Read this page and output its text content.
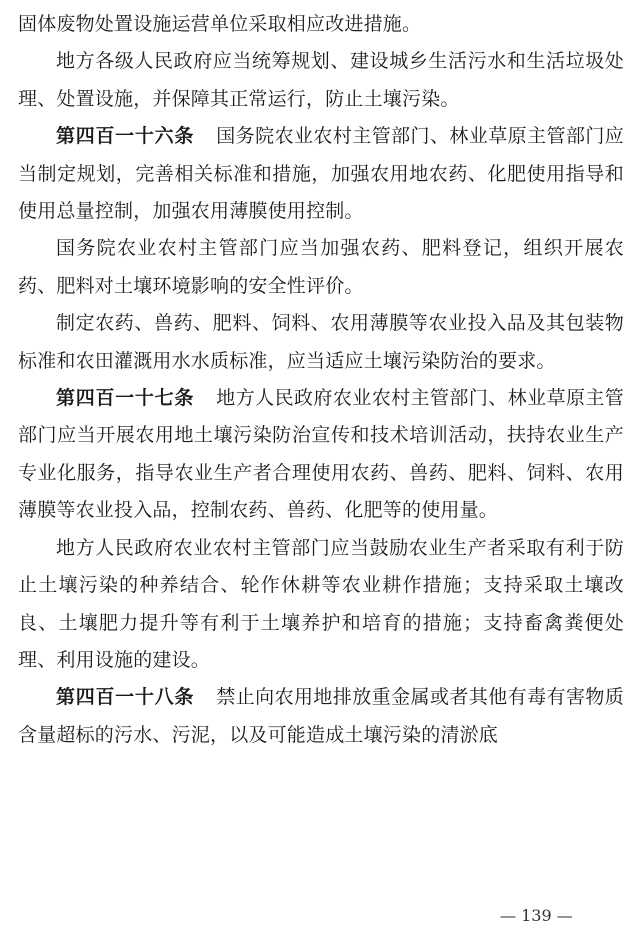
固体废物处置设施运营单位采取相应改进措施。

地方各级人民政府应当统筹规划、建设城乡生活污水和生活垃圾处理、处置设施，并保障其正常运行，防止土壤污染。

第四百一十六条 国务院农业农村主管部门、林业草原主管部门应当制定规划，完善相关标准和措施，加强农用地农药、化肥使用指导和使用总量控制，加强农用薄膜使用控制。

国务院农业农村主管部门应当加强农药、肥料登记，组织开展农药、肥料对土壤环境影响的安全性评价。

制定农药、兽药、肥料、饲料、农用薄膜等农业投入品及其包装物标准和农田灌溉用水水质标准，应当适应土壤污染防治的要求。

第四百一十七条 地方人民政府农业农村主管部门、林业草原主管部门应当开展农用地土壤污染防治宣传和技术培训活动，扶持农业生产专业化服务，指导农业生产者合理使用农药、兽药、肥料、饲料、农用薄膜等农业投入品，控制农药、兽药、化肥等的使用量。

地方人民政府农业农村主管部门应当鼓励农业生产者采取有利于防止土壤污染的种养结合、轮作休耕等农业耕作措施；支持采取土壤改良、土壤肥力提升等有利于土壤养护和培育的措施；支持畜禽粪便处理、利用设施的建设。

第四百一十八条 禁止向农用地排放重金属或者其他有毒有害物质含量超标的污水、污泥，以及可能造成土壤污染的清淤底

— 139 —
